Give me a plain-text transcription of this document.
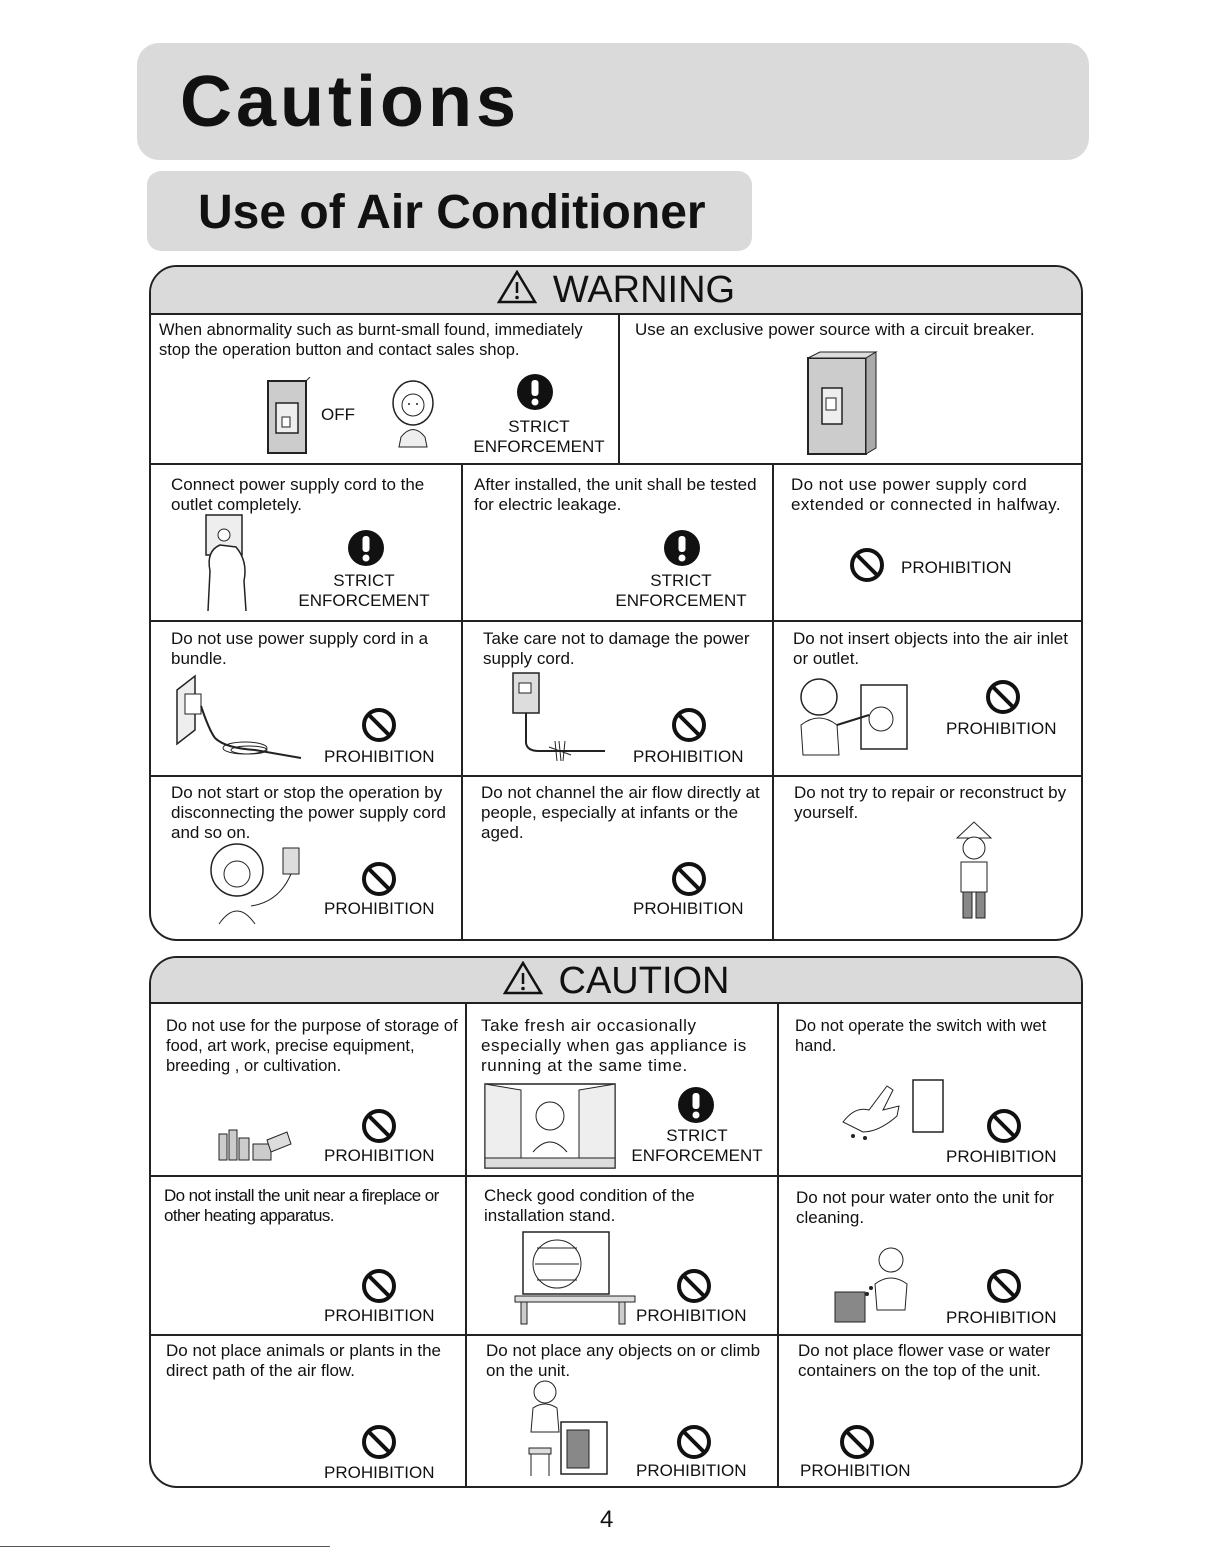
Cautions
Use of Air Conditioner
WARNING
When abnormality such as burnt-small found, immediately stop the operation button and contact sales shop.
OFF
STRICT ENFORCEMENT
Use an exclusive power source with a circuit breaker.
Connect power supply cord to the outlet completely.
STRICT ENFORCEMENT
After installed, the unit shall be tested for electric leakage.
STRICT ENFORCEMENT
Do not use power supply cord extended or connected in halfway.
PROHIBITION
Do not use power supply cord in a bundle.
PROHIBITION
Take care not to damage the power supply cord.
PROHIBITION
Do not insert objects into the air inlet or outlet.
PROHIBITION
Do not start or stop the operation by disconnecting the power supply cord and so on.
PROHIBITION
Do not channel the air flow directly at people, especially at infants or the aged.
PROHIBITION
Do not try to repair or reconstruct by yourself.
CAUTION
Do not use for the purpose of storage of food, art work, precise equipment, breeding , or cultivation.
PROHIBITION
Take fresh air occasionally especially when gas appliance is running at the same time.
STRICT ENFORCEMENT
Do not operate the switch with wet hand.
PROHIBITION
Do not install the unit near a fireplace or other heating apparatus.
PROHIBITION
Check good condition of the installation stand.
PROHIBITION
Do not pour water onto the unit for cleaning.
PROHIBITION
Do not place animals or plants in the direct path of the air flow.
PROHIBITION
Do not place any objects on or climb on the unit.
PROHIBITION
Do not place flower vase or water containers on the top of the unit.
PROHIBITION
4
